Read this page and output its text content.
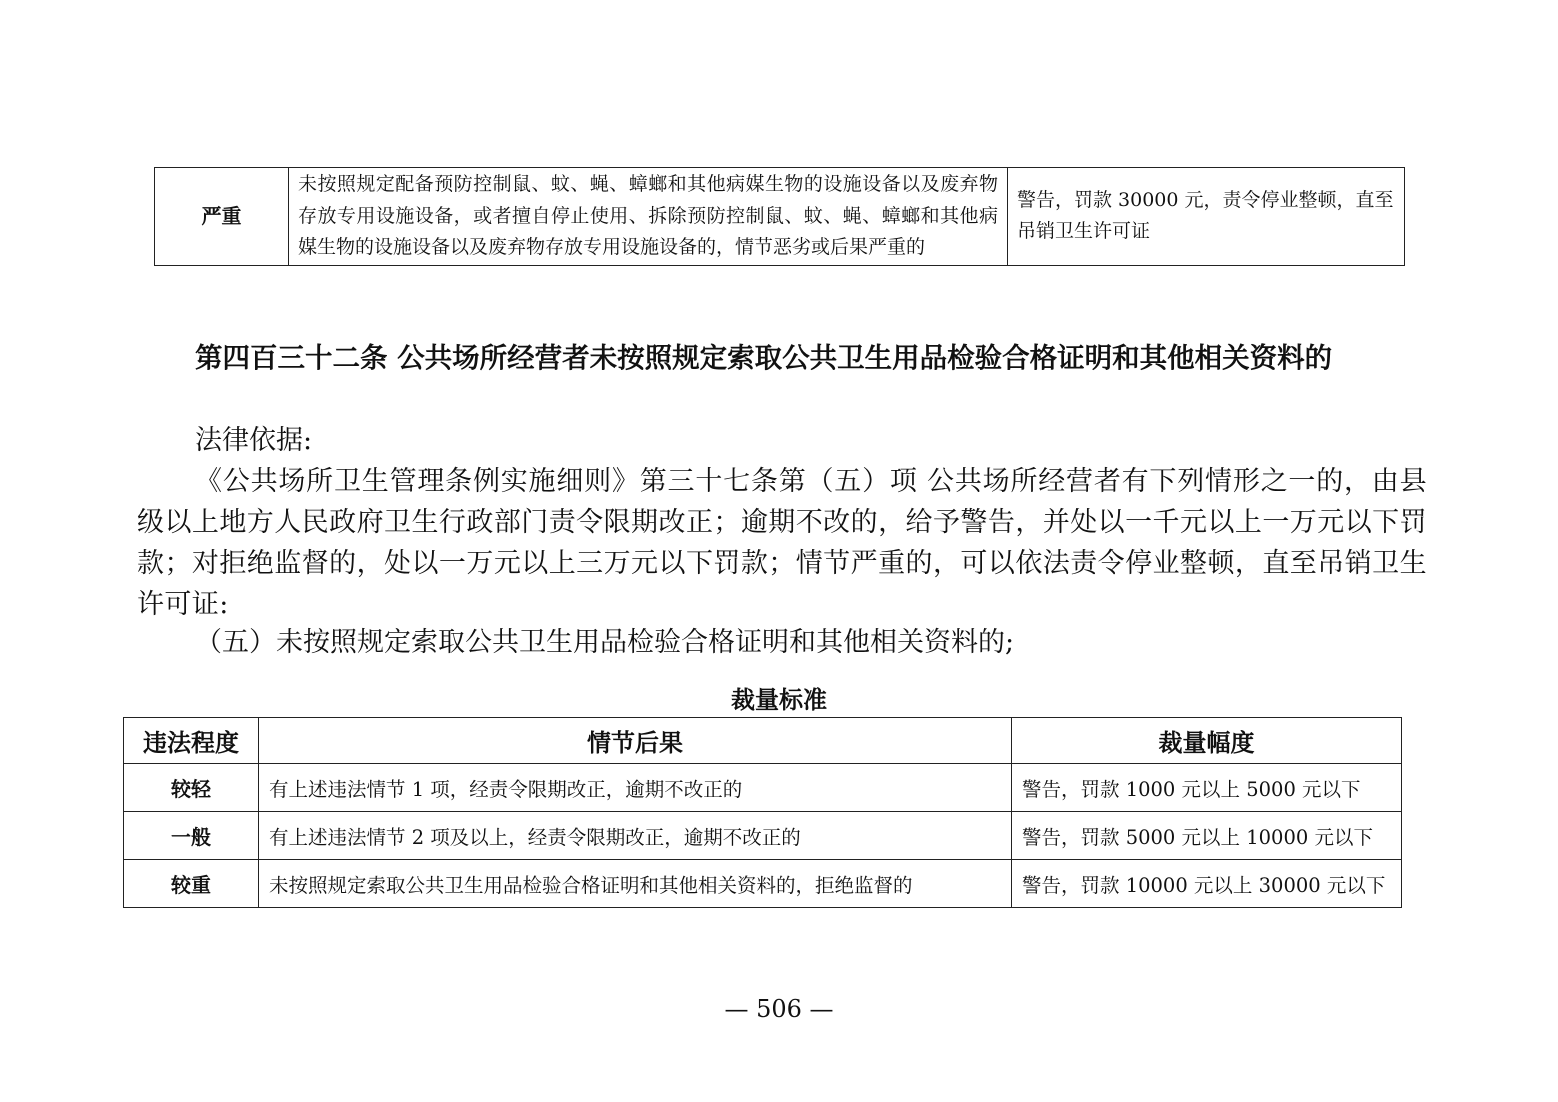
严重	未按照规定配备预防控制鼠、蚊、蝇、蟑螂和其他病媒生物的设施设备以及废弃物存放专用设施设备，或者擅自停止使用、拆除预防控制鼠、蚊、蝇、蟑螂和其他病媒生物的设施设备以及废弃物存放专用设施设备的，情节恶劣或后果严重的	警告，罚款 30000 元，责令停业整顿，直至吊销卫生许可证

第四百三十二条 公共场所经营者未按照规定索取公共卫生用品检验合格证明和其他相关资料的

法律依据:

《公共场所卫生管理条例实施细则》第三十七条第（五）项 公共场所经营者有下列情形之一的，由县级以上地方人民政府卫生行政部门责令限期改正；逾期不改的，给予警告，并处以一千元以上一万元以下罚款；对拒绝监督的，处以一万元以上三万元以下罚款；情节严重的，可以依法责令停业整顿，直至吊销卫生许可证:

（五）未按照规定索取公共卫生用品检验合格证明和其他相关资料的;

裁量标准
违法程度	情节后果	裁量幅度
较轻	有上述违法情节 1 项，经责令限期改正，逾期不改正的	警告，罚款 1000 元以上 5000 元以下
一般	有上述违法情节 2 项及以上，经责令限期改正，逾期不改正的	警告，罚款 5000 元以上 10000 元以下
较重	未按照规定索取公共卫生用品检验合格证明和其他相关资料的，拒绝监督的	警告，罚款 10000 元以上 30000 元以下
— 506 —
